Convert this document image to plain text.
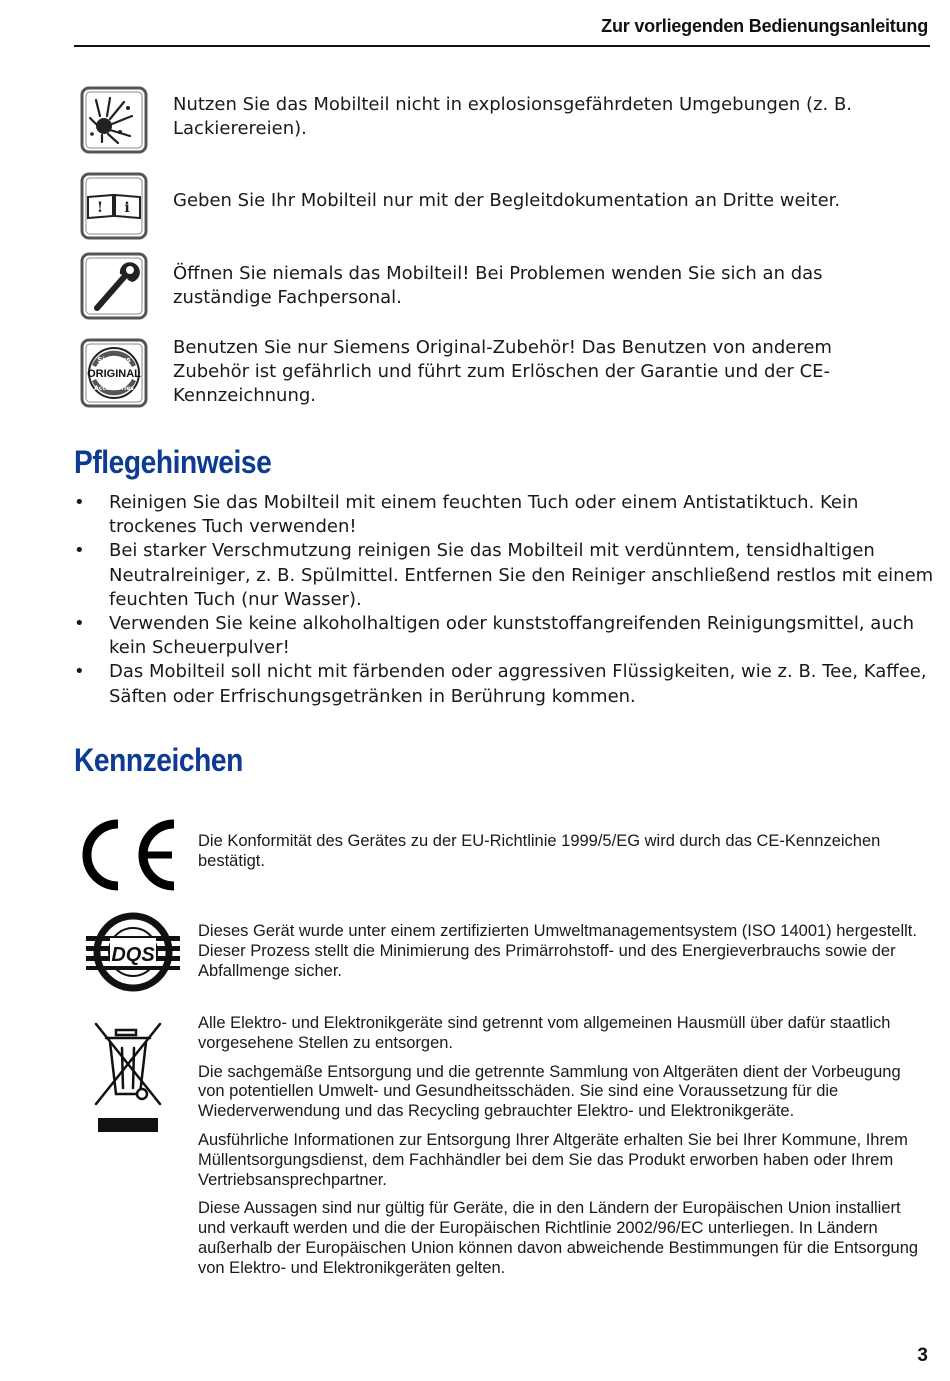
Zur vorliegenden Bedienungsanleitung
Nutzen Sie das Mobilteil nicht in explosionsgefährdeten Umgebungen (z. B. Lackierereien).
! i Geben Sie Ihr Mobilteil nur mit der Begleitdokumentation an Dritte weiter.
Öffnen Sie niemals das Mobilteil! Bei Problemen wenden Sie sich an das zuständige Fachpersonal.
Siemens
ORIGINAL
Accessories
Benutzen Sie nur Siemens Original-Zubehör! Das Benutzen von anderem Zubehör ist gefährlich und führt zum Erlöschen der Garantie und der CE-Kennzeichnung.
Pflegehinweise
• Reinigen Sie das Mobilteil mit einem feuchten Tuch oder einem Antistatiktuch. Kein trockenes Tuch verwenden!
• Bei starker Verschmutzung reinigen Sie das Mobilteil mit verdünntem, tensidhaltigen Neutralreiniger, z. B. Spülmittel. Entfernen Sie den Reiniger anschließend restlos mit einem feuchten Tuch (nur Wasser).
• Verwenden Sie keine alkoholhaltigen oder kunststoffangreifenden Reinigungsmittel, auch kein Scheuerpulver!
• Das Mobilteil soll nicht mit färbenden oder aggressiven Flüssigkeiten, wie z. B. Tee, Kaffee, Säften oder Erfrischungsgetränken in Berührung kommen.
Kennzeichen
Die Konformität des Gerätes zu der EU-Richtlinie 1999/5/EG wird durch das CE-Kennzeichen bestätigt.
DQS
Dieses Gerät wurde unter einem zertifizierten Umweltmanagementsystem (ISO 14001) hergestellt. Dieser Prozess stellt die Minimierung des Primärrohstoff- und des Energieverbrauchs sowie der Abfallmenge sicher.

Alle Elektro- und Elektronikgeräte sind getrennt vom allgemeinen Hausmüll über dafür staatlich vorgesehene Stellen zu entsorgen.

Die sachgemäße Entsorgung und die getrennte Sammlung von Altgeräten dient der Vorbeugung von potentiellen Umwelt- und Gesundheitsschäden. Sie sind eine Voraussetzung für die Wiederverwendung und das Recycling gebrauchter Elektro- und Elektronikgeräte.

Ausführliche Informationen zur Entsorgung Ihrer Altgeräte erhalten Sie bei Ihrer Kommune, Ihrem Müllentsorgungsdienst, dem Fachhändler bei dem Sie das Produkt erworben haben oder Ihrem Vertriebsansprechpartner.

Diese Aussagen sind nur gültig für Geräte, die in den Ländern der Europäischen Union installiert und verkauft werden und die der Europäischen Richtlinie 2002/96/EC unterliegen. In Ländern außerhalb der Europäischen Union können davon abweichende Bestimmungen für die Entsorgung von Elektro- und Elektronikgeräten gelten.

3
